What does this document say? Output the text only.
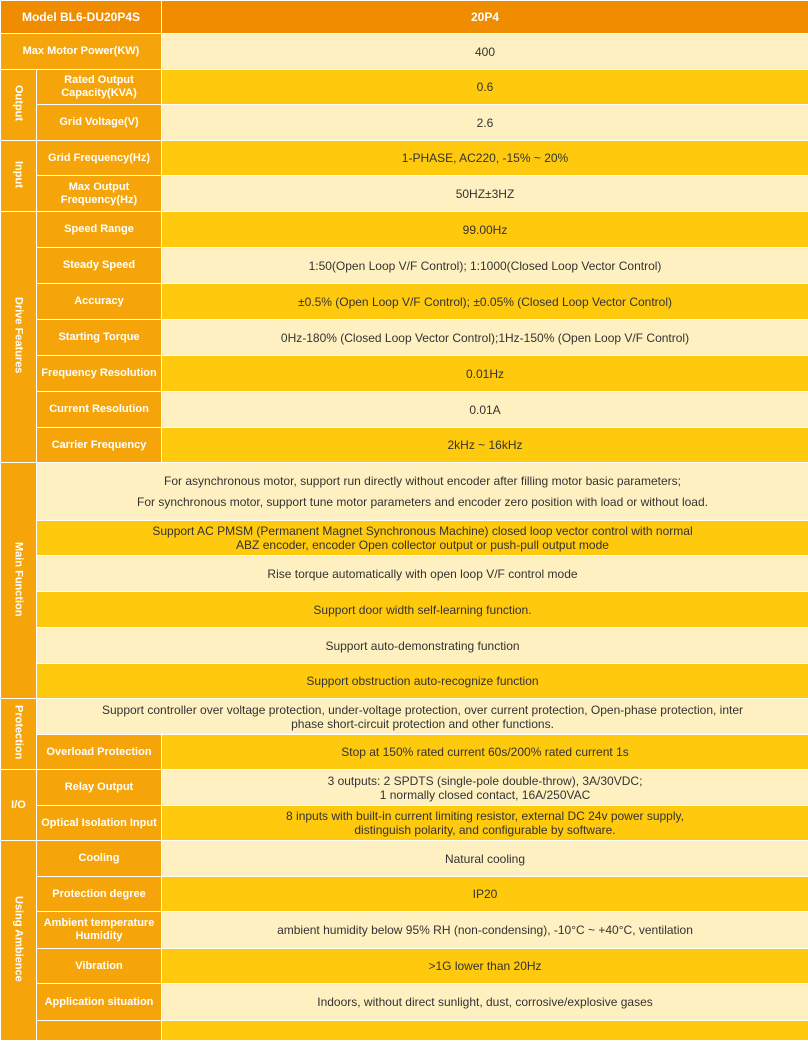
Model BL6-DU20P4S		20P4
Max Motor Power(KW)		400
Output	Rated Output Capacity(KVA)	0.6
	Grid Voltage(V)	2.6
Input	Grid Frequency(Hz)	1-PHASE, AC220, -15% ~ 20%
	Max Output Frequency(Hz)	50HZ±3HZ
Drive Features	Speed Range	99.00Hz
	Steady Speed	1:50(Open Loop V/F Control); 1:1000(Closed Loop Vector Control)
	Accuracy	±0.5% (Open Loop V/F Control); ±0.05% (Closed Loop Vector Control)
	Starting Torque	0Hz-180% (Closed Loop Vector Control);1Hz-150% (Open Loop V/F Control)
	Frequency Resolution	0.01Hz
	Current Resolution	0.01A
	Carrier Frequency	2kHz ~ 16kHz
Main Function	For asynchronous motor, support run directly without encoder after filling motor basic parameters;
For synchronous motor, support tune motor parameters and encoder zero position with load or without load.	

	Support AC PMSM (Permanent Magnet Synchronous Machine) closed loop vector control with normal
ABZ encoder, encoder Open collector output or push-pull output mode	

	Rise torque automatically with open loop V/F control mode	
	Support door width self-learning function.	
	Support auto-demonstrating function	
	Support obstruction auto-recognize function	
Protection	Support controller over voltage protection, under-voltage protection, over current protection, Open-phase protection, inter
phase short-circuit protection and other functions.	

	Overload Protection	Stop at 150% rated current 60s/200% rated current 1s
I/O	Relay Output	3 outputs: 2 SPDTS (single-pole double-throw), 3A/30VDC;
1 normally closed contact, 16A/250VAC

	Optical Isolation Input	8 inputs with built-in current limiting resistor, external DC 24v power supply,
distinguish polarity, and configurable by software.

Using Ambience	Cooling	Natural cooling
	Protection degree	IP20
	Ambient temperature Humidity	ambient humidity below 95% RH (non-condensing), -10°C ~ +40°C, ventilation
	Vibration	>1G lower than 20Hz
	Application situation	Indoors, without direct sunlight, dust, corrosive/explosive gases
